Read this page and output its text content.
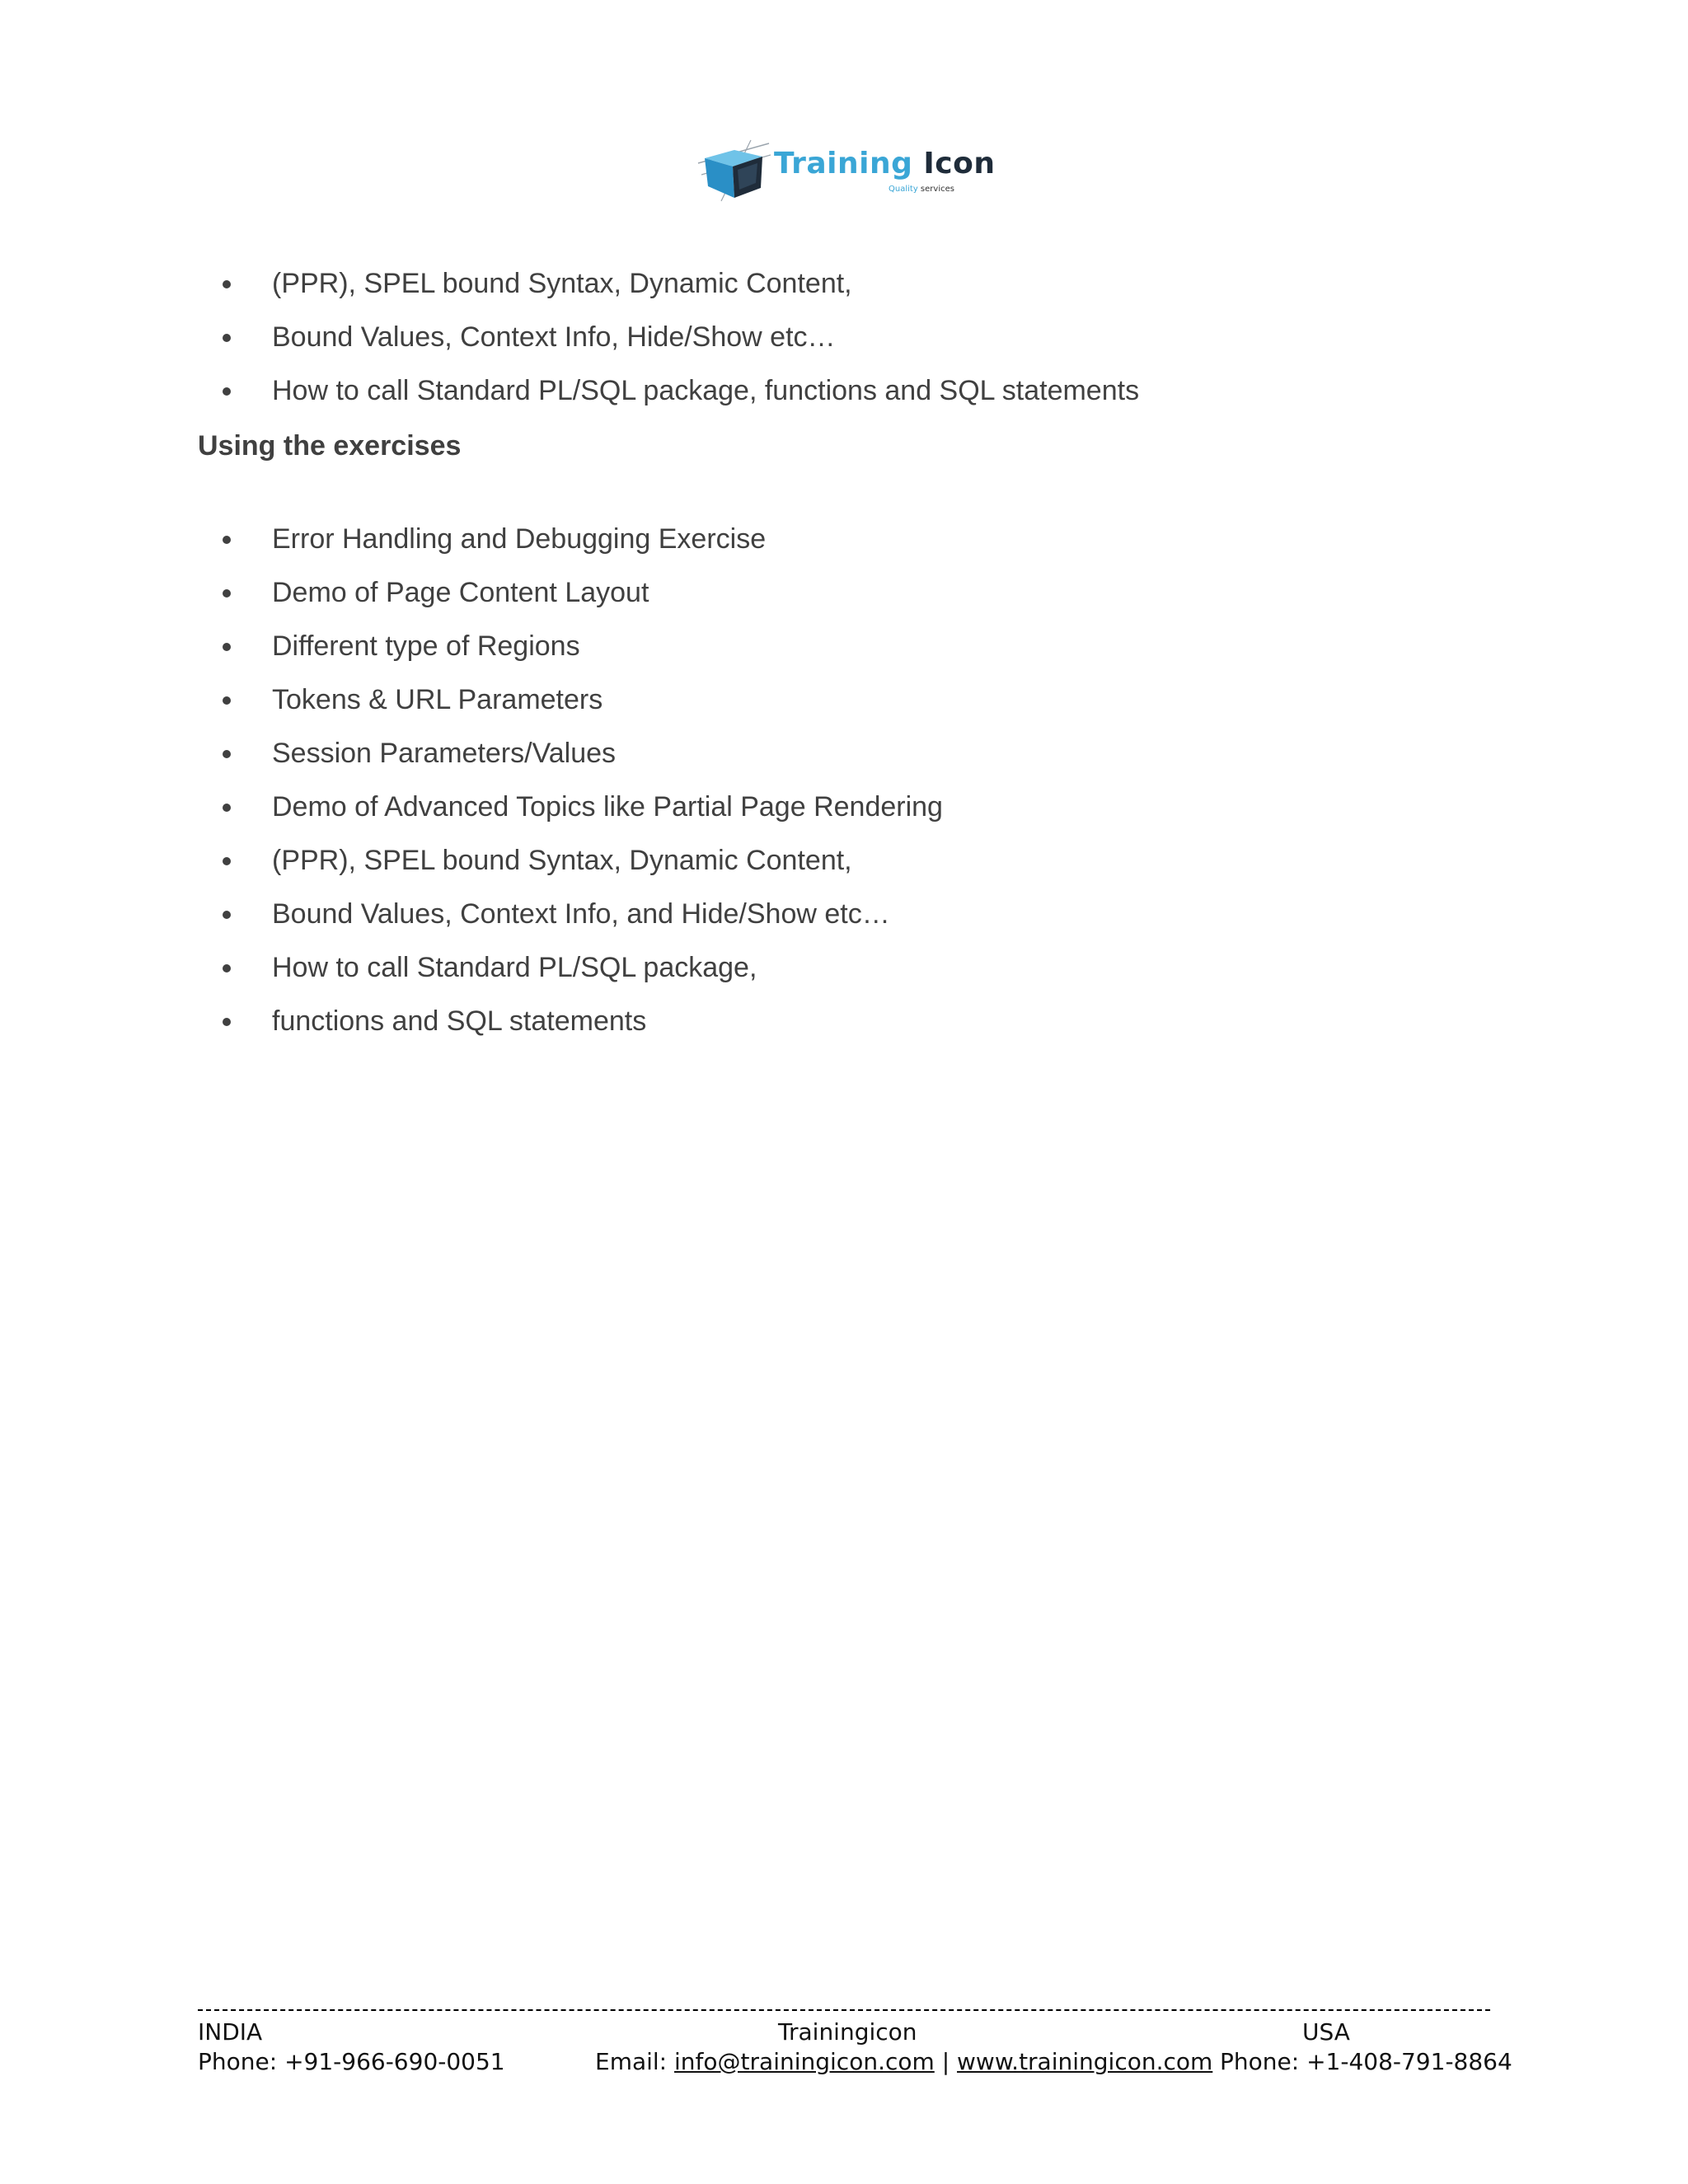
Training Icon
Quality services
(PPR), SPEL bound Syntax, Dynamic Content,
Bound Values, Context Info, Hide/Show etc…
How to call Standard PL/SQL package, functions and SQL statements
Using the exercises
Error Handling and Debugging Exercise
Demo of Page Content Layout
Different type of Regions
Tokens & URL Parameters
Session Parameters/Values
Demo of Advanced Topics like Partial Page Rendering
(PPR), SPEL bound Syntax, Dynamic Content,
Bound Values, Context Info, and Hide/Show etc…
How to call Standard PL/SQL package,
functions and SQL statements
INDIA
Phone: +91-966-690-0051
Trainingicon
Email: info@trainingicon.com | www.trainingicon.com
USA
Phone: +1-408-791-8864
